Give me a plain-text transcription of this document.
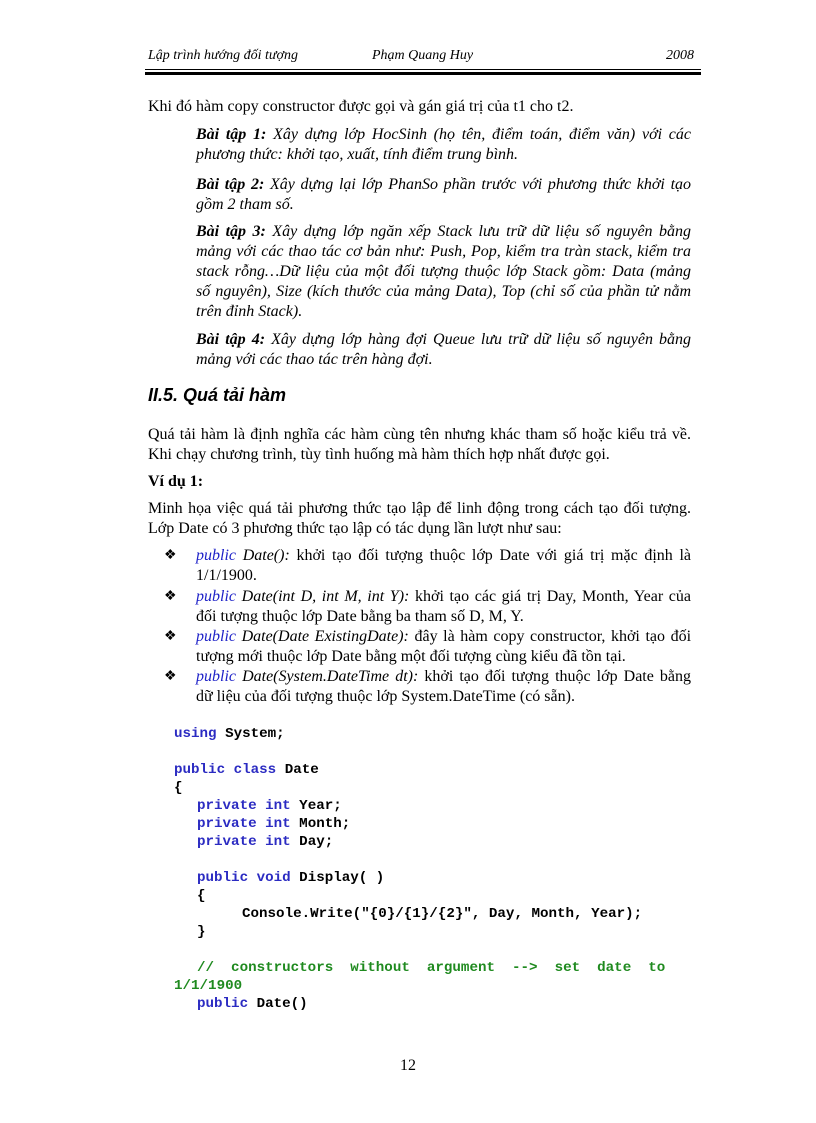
Lập trình hướng đối tượng	Phạm Quang Huy	2008
Khi đó hàm copy constructor được gọi và gán giá trị của t1 cho t2.
Bài tập 1: Xây dựng lớp HocSinh (họ tên, điểm toán, điểm văn) với các
phương thức: khởi tạo, xuất, tính điểm trung bình.
Bài tập 2: Xây dựng lại lớp PhanSo phần trước với phương thức khởi tạo
gồm 2 tham số.
Bài tập 3: Xây dựng lớp ngăn xếp Stack lưu trữ dữ liệu số nguyên bằng
mảng với các thao tác cơ bản như: Push, Pop, kiểm tra tràn stack, kiểm tra
stack rỗng…Dữ liệu của một đối tượng thuộc lớp Stack gồm: Data (mảng
số nguyên), Size (kích thước của mảng Data), Top (chỉ số của phần tử nằm
trên đỉnh Stack).
Bài tập 4: Xây dựng lớp hàng đợi Queue lưu trữ dữ liệu số nguyên bằng
mảng với các thao tác trên hàng đợi.
II.5. Quá tải hàm
Quá tải hàm là định nghĩa các hàm cùng tên nhưng khác tham số hoặc kiểu trả về.
Khi chạy chương trình, tùy tình huống mà hàm thích hợp nhất được gọi.
Ví dụ 1:
Minh họa việc quá tải phương thức tạo lập để linh động trong cách tạo đối tượng.
Lớp Date có 3 phương thức tạo lập có tác dụng lần lượt như sau:
❖ public Date(): khởi tạo đối tượng thuộc lớp Date với giá trị mặc định là
1/1/1900.
❖ public Date(int D, int M, int Y): khởi tạo các giá trị Day, Month, Year của
đối tượng thuộc lớp Date bằng ba tham số D, M, Y.
❖ public Date(Date ExistingDate): đây là hàm copy constructor, khởi tạo đối
tượng mới thuộc lớp Date bằng một đối tượng cùng kiểu đã tồn tại.
❖ public Date(System.DateTime dt): khởi tạo đối tượng thuộc lớp Date bằng
dữ liệu của đối tượng thuộc lớp System.DateTime (có sẵn).
using System;
public class Date
{
private int Year;
private int Month;
private int Day;
public void Display( )
{
Console.Write("{0}/{1}/{2}", Day, Month, Year);
}
//  constructors  without  argument  -->  set  date  to
1/1/1900
public Date()
12
